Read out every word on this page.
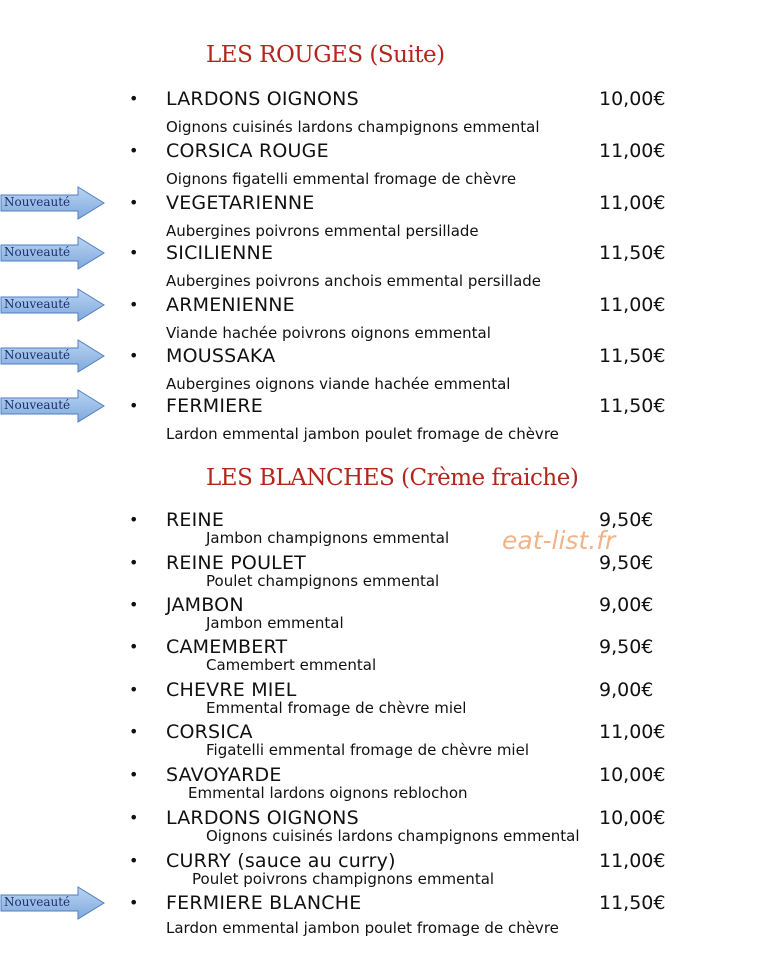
LES ROUGES (Suite)
• LARDONS OIGNONS	10,00€
Oignons cuisinés lardons champignons emmental
• CORSICA ROUGE	11,00€
Oignons figatelli emmental fromage de chèvre
• VEGETARIENNE	11,00€
Aubergines poivrons emmental persillade
Nouveauté
• SICILIENNE	11,50€
Aubergines poivrons anchois emmental persillade
Nouveauté
• ARMENIENNE	11,00€
Viande hachée poivrons oignons emmental
Nouveauté
• MOUSSAKA	11,50€
Aubergines oignons viande hachée emmental
Nouveauté
• FERMIERE	11,50€
Lardon emmental jambon poulet fromage de chèvre
Nouveauté
LES BLANCHES (Crème fraiche)
• REINE	9,50€
Jambon champignons emmental
• REINE POULET	9,50€
Poulet champignons emmental
• JAMBON	9,00€
Jambon emmental
• CAMEMBERT	9,50€
Camembert emmental
• CHEVRE MIEL	9,00€
Emmental fromage de chèvre miel
• CORSICA	11,00€
Figatelli emmental fromage de chèvre miel
• SAVOYARDE	10,00€
Emmental lardons oignons reblochon
• LARDONS OIGNONS	10,00€
Oignons cuisinés lardons champignons emmental
• CURRY (sauce au curry)	11,00€
Poulet poivrons champignons emmental
• FERMIERE BLANCHE	11,50€
Lardon emmental jambon poulet fromage de chèvre
Nouveauté
eat-list.fr
